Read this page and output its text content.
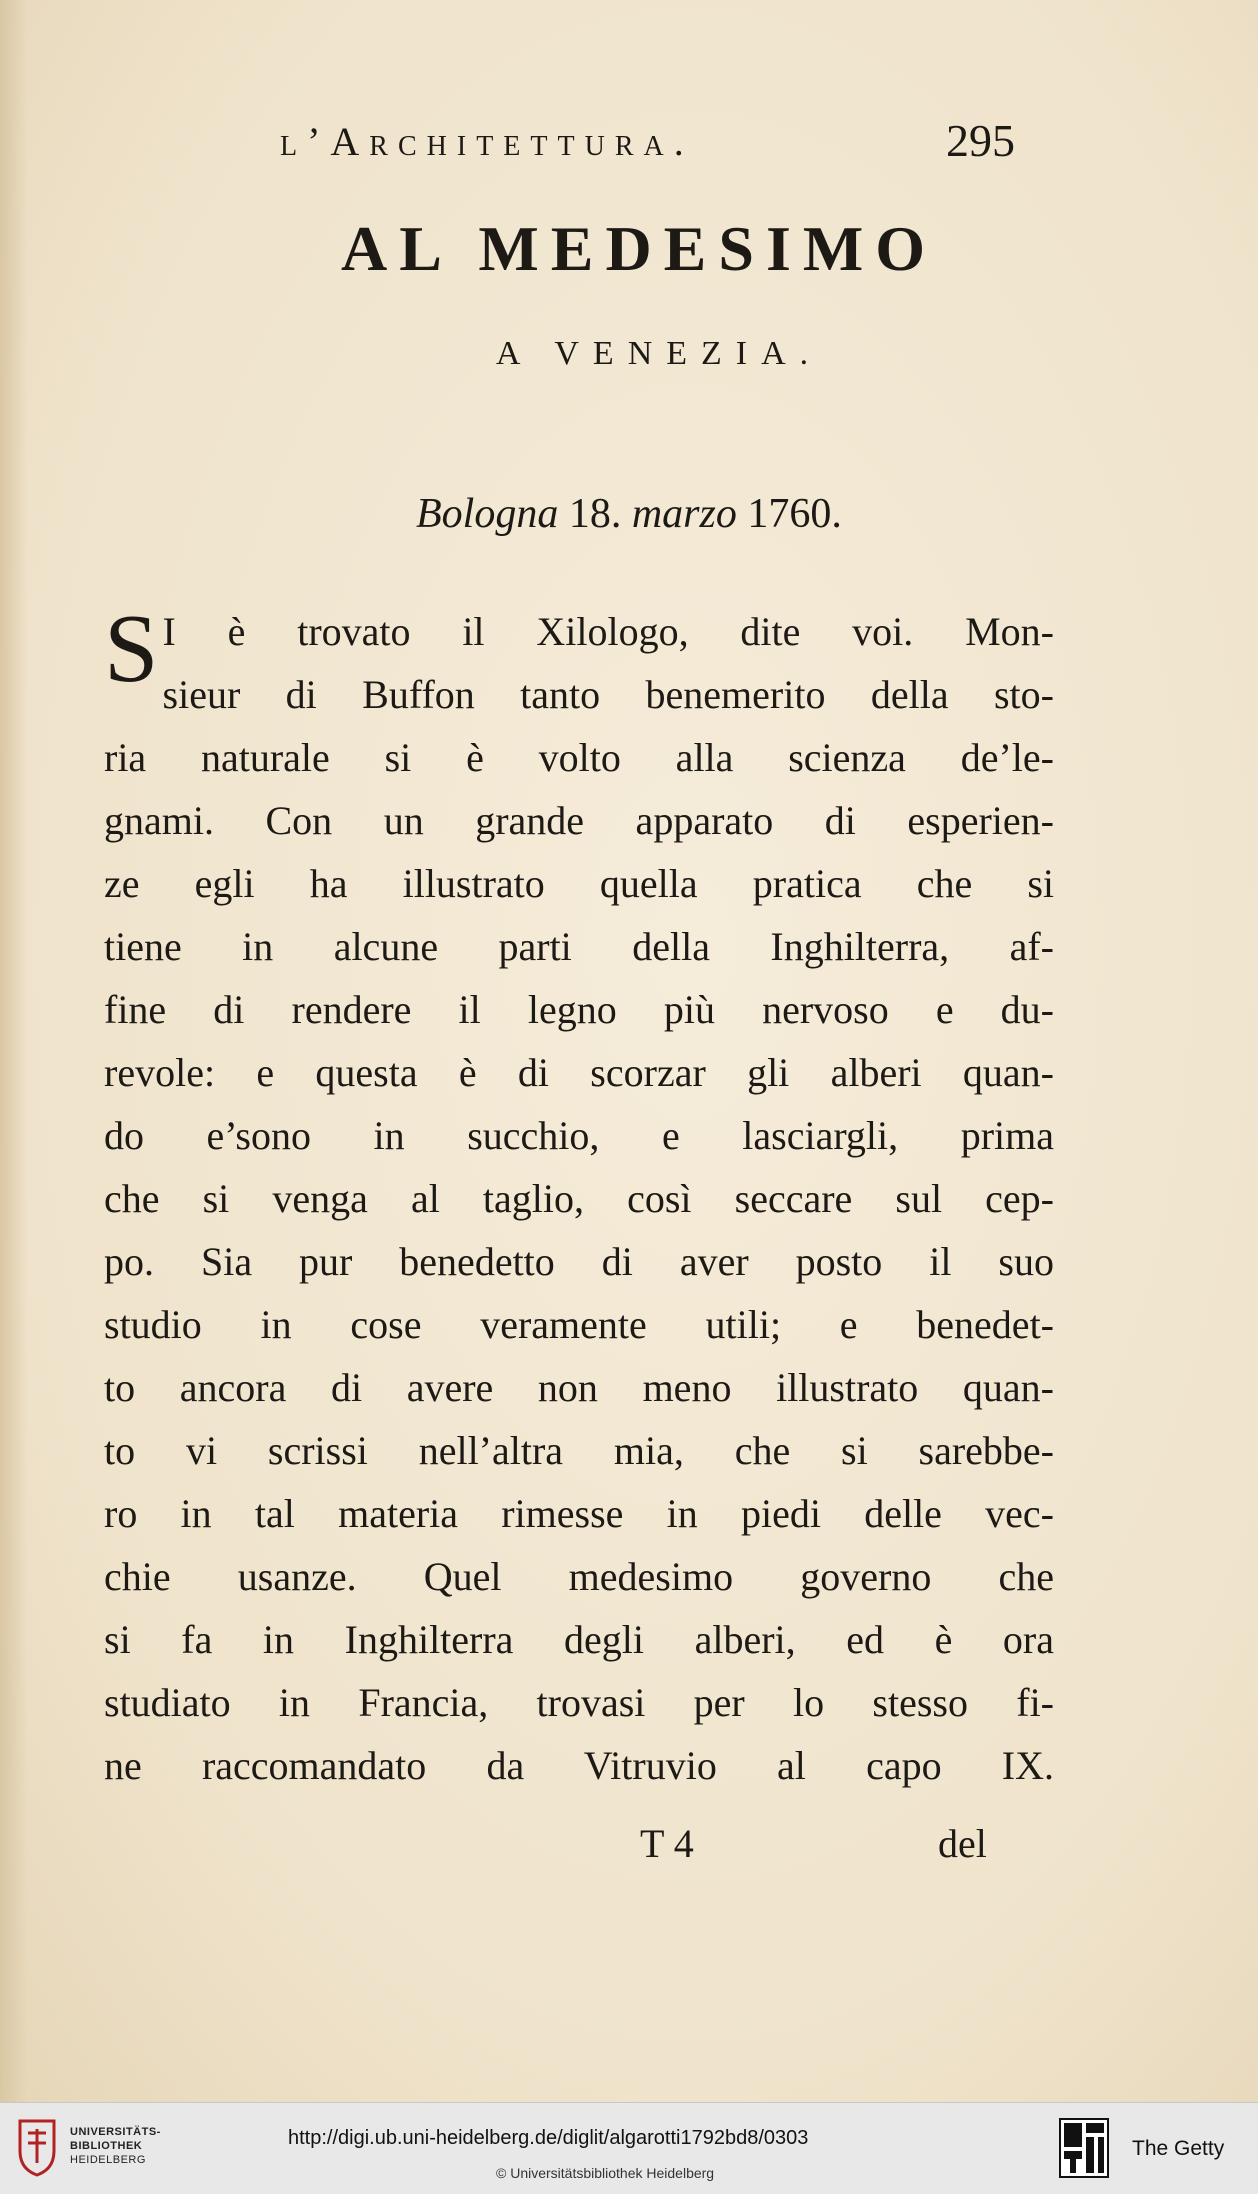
l’Architettura.	295
AL MEDESIMO
A VENEZIA.
Bologna 18. marzo 1760.
S I è trovato il Xilologo, dite voi. Mon-
sieur di Buffon tanto benemerito della sto-
ria naturale si è volto alla scienza de’le-
gnami. Con un grande apparato di esperien-
ze egli ha illustrato quella pratica che si
tiene in alcune parti della Inghilterra, af-
fine di rendere il legno più nervoso e du-
revole: e questa è di scorzar gli alberi quan-
do e’sono in succhio, e lasciargli, prima
che si venga al taglio, così seccare sul cep-
po. Sia pur benedetto di aver posto il suo
studio in cose veramente utili; e benedet-
to ancora di avere non meno illustrato quan-
to vi scrissi nell’altra mia, che si sarebbe-
ro in tal materia rimesse in piedi delle vec-
chie usanze. Quel medesimo governo che
si fa in Inghilterra degli alberi, ed è ora
studiato in Francia, trovasi per lo stesso fi-
ne raccomandato da Vitruvio al capo IX.
T 4	del
UNIVERSITÄTS-
BIBLIOTHEK
HEIDELBERG
http://digi.ub.uni-heidelberg.de/diglit/algarotti1792bd8/0303
© Universitätsbibliothek Heidelberg
The Getty
